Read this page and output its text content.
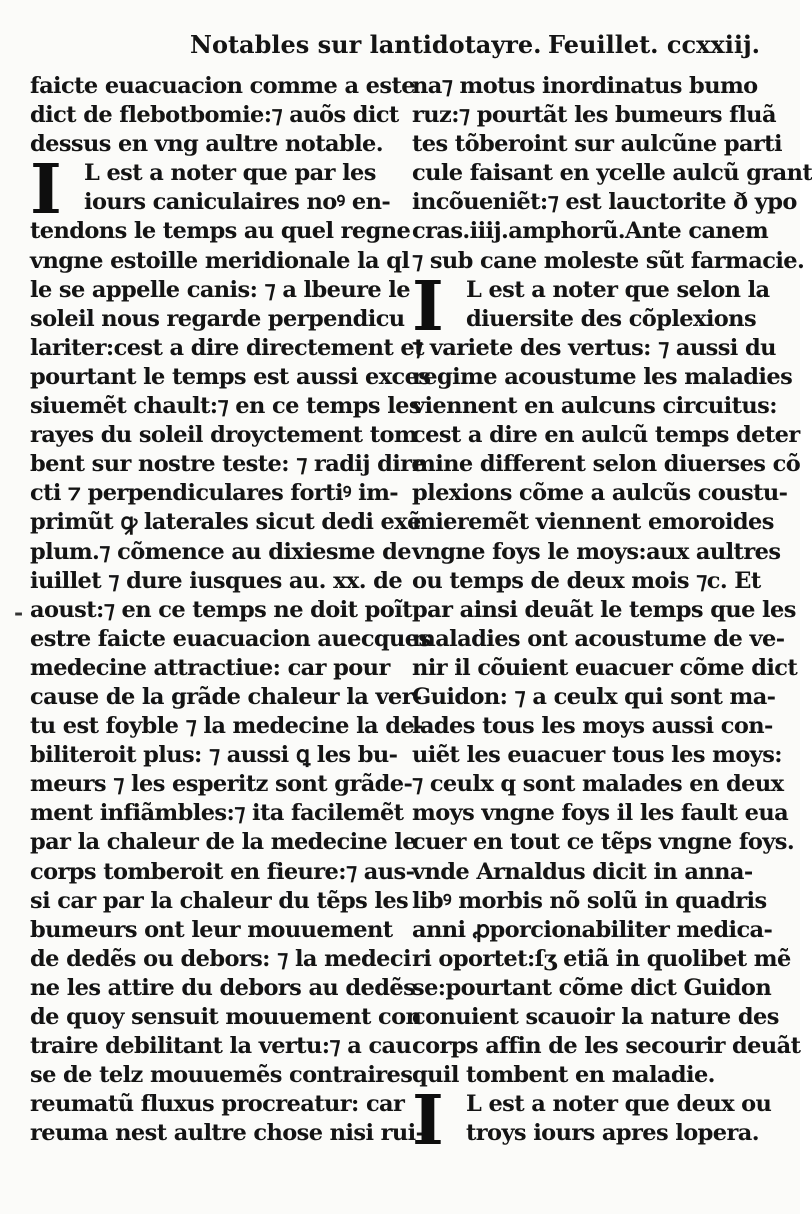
Notables sur lantidotayre. Feuillet. ccxxiij.
faicte euacuacion comme a este
dict de flebotbomie:⁊ auõs dict
dessus en vng aultre notable.
I L est a noter que par les
iours caniculaires noꝰ en-
tendons le temps au quel regne
vngne estoille meridionale la ql
le se appelle canis: ⁊ a lbeure le
soleil nous regarde perpendicu
lariter:cest a dire directement et
pourtant le temps est aussi exces
siuemẽt chault:⁊ en ce temps les
rayes du soleil droyctement tom
bent sur nostre teste: ⁊ radij dire
cti ⁊ perpendiculares fortiꝰ im-
primũt ꝙ laterales sicut dedi exẽ
plum.⁊ cõmence au dixiesme de
iuillet ⁊ dure iusques au. xx. de
aoust:⁊ en ce temps ne doit poĩt
estre faicte euacuacion auecques
medecine attractiue: car pour
cause de la grãde chaleur la ver-
tu est foyble ⁊ la medecine la de-
biliteroit plus: ⁊ aussi ꝗ les bu-
meurs ⁊ les esperitz sont grãde-
ment infiãmbles:⁊ ita facilemẽt
par la chaleur de la medecine le
corps tomberoit en fieure:⁊ aus-
si car par la chaleur du tẽps les
bumeurs ont leur mouuement
de dedẽs ou debors: ⁊ la medeci
ne les attire du debors au dedẽs
de quoy sensuit mouuement con
traire debilitant la vertu:⁊ a cau
se de telz mouuemẽs contraires
reumatũ fluxus procreatur: car
reuma nest aultre chose nisi rui-
-
na⁊ motus inordinatus bumo
ruz:⁊ pourtãt les bumeurs fluã
tes tõberoint sur aulcũne parti
cule faisant en ycelle aulcũ grant
incõueniẽt:⁊ est lauctorite ð ypo
cras.iiij.amphorũ.Ante canem
⁊ sub cane moleste sũt farmacie.
I L est a noter que selon la
diuersite des cõplexions
⁊ variete des vertus: ⁊ aussi du
regime acoustume les maladies
viennent en aulcuns circuitus:
cest a dire en aulcũ temps deter
mine different selon diuerses cõ
plexions cõme a aulcũs coustu-
mieremẽt viennent emoroides
vngne foys le moys:aux aultres
ou temps de deux mois ⁊c. Et
par ainsi deuãt le temps que les
maladies ont acoustume de ve-
nir il cõuient euacuer cõme dict
Guidon: ⁊ a ceulx qui sont ma-
lades tous les moys aussi con-
uiẽt les euacuer tous les moys:
⁊ ceulx q sont malades en deux
moys vngne foys il les fault eua
cuer en tout ce tẽps vngne foys.
vnde Arnaldus dicit in anna-
libꝰ morbis nõ solũ in quadris
anni ꝓporcionabiliter medica-
ri oportet:ſʒ etiã in quolibet mẽ
se:pourtant cõme dict Guidon
conuient scauoir la nature des
corps affin de les secourir deuãt
quil tombent en maladie.
I L est a noter que deux ou
troys iours apres lopera.
